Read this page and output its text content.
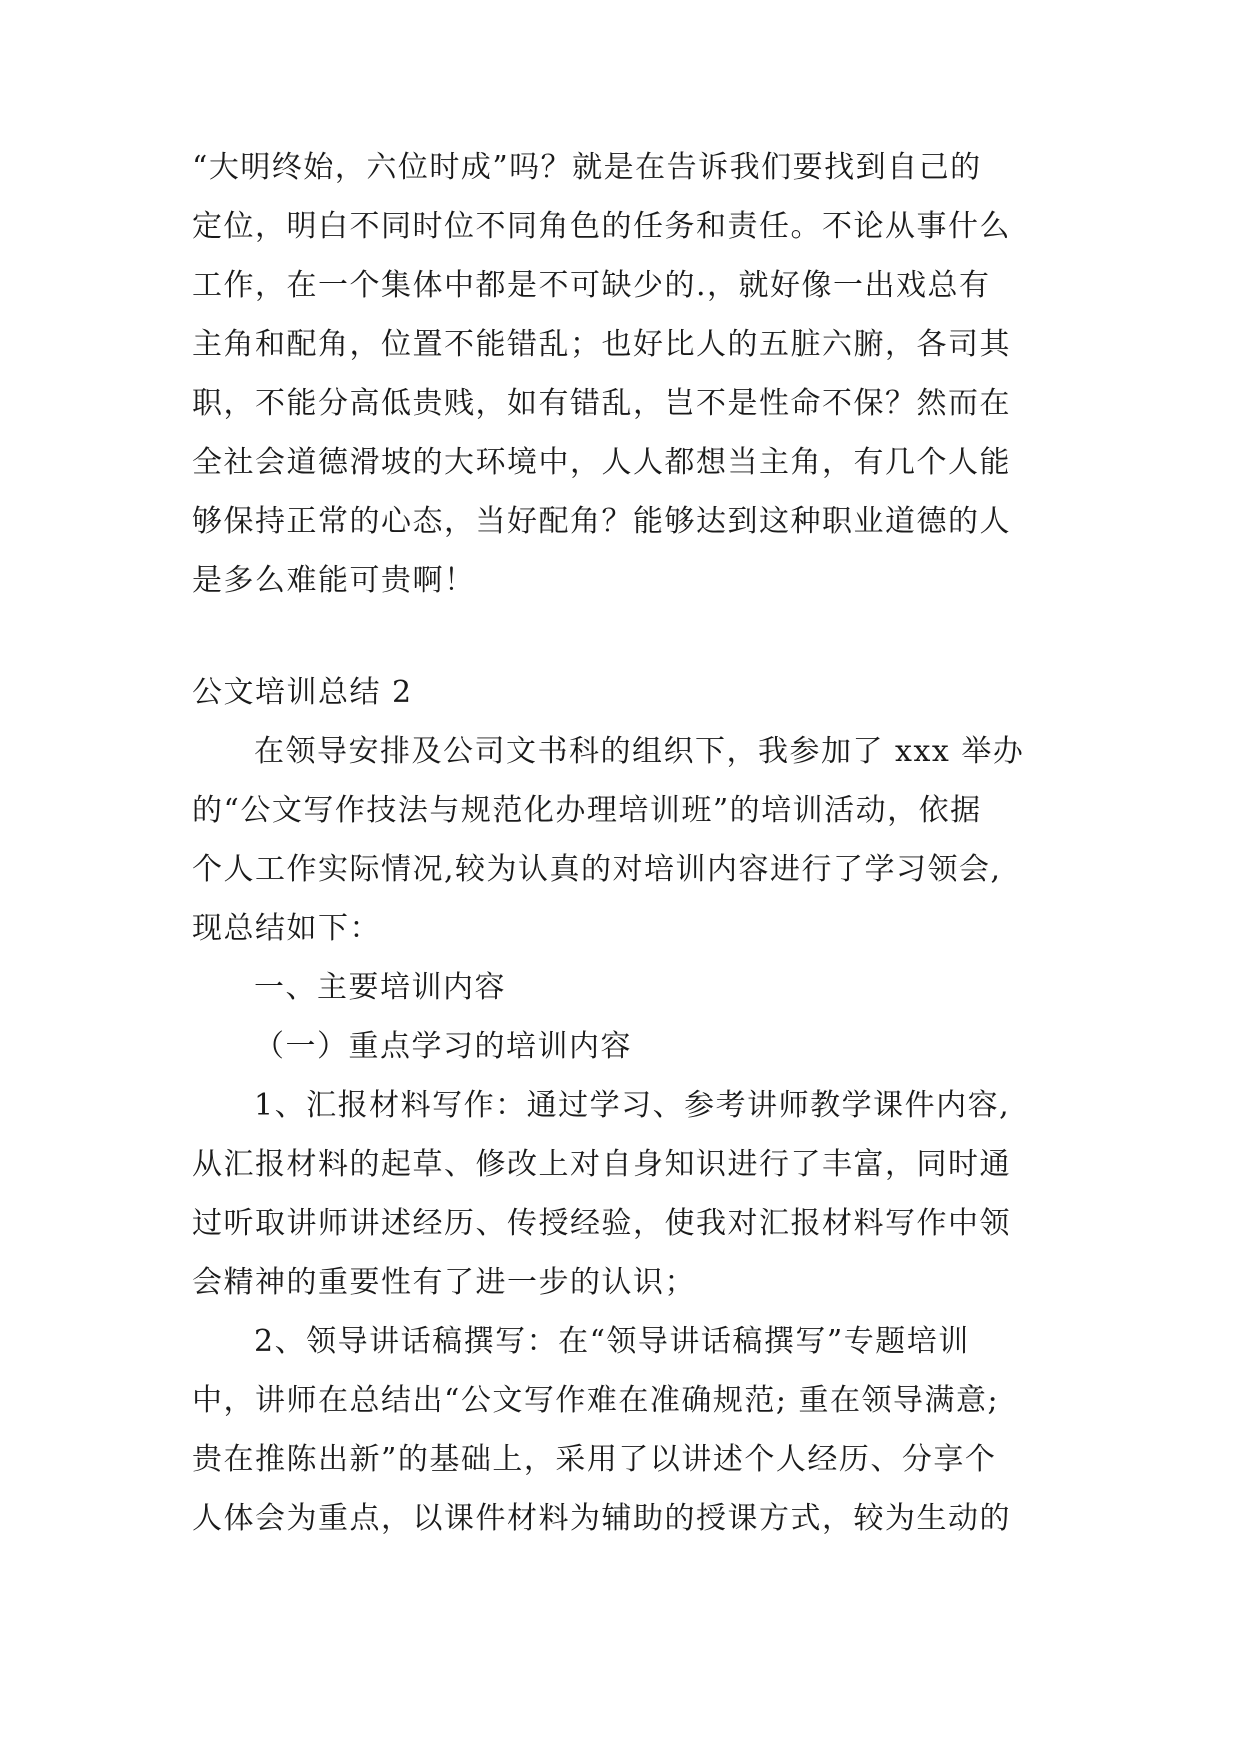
“大明终始，六位时成”吗？就是在告诉我们要找到自己的
定位，明白不同时位不同角色的任务和责任。不论从事什么
工作，在一个集体中都是不可缺少的.，就好像一出戏总有
主角和配角，位置不能错乱；也好比人的五脏六腑，各司其
职，不能分高低贵贱，如有错乱，岂不是性命不保？然而在
全社会道德滑坡的大环境中，人人都想当主角，有几个人能
够保持正常的心态，当好配角？能够达到这种职业道德的人
是多么难能可贵啊！
公文培训总结 2
在领导安排及公司文书科的组织下，我参加了 xxx 举办
的“公文写作技法与规范化办理培训班”的培训活动，依据
个人工作实际情况,较为认真的对培训内容进行了学习领会,
现总结如下：
一、主要培训内容
（一）重点学习的培训内容
1、汇报材料写作：通过学习、参考讲师教学课件内容,
从汇报材料的起草、修改上对自身知识进行了丰富，同时通
过听取讲师讲述经历、传授经验，使我对汇报材料写作中领
会精神的重要性有了进一步的认识；
2、领导讲话稿撰写：在“领导讲话稿撰写”专题培训
中，讲师在总结出“公文写作难在准确规范; 重在领导满意;
贵在推陈出新”的基础上，采用了以讲述个人经历、分享个
人体会为重点，以课件材料为辅助的授课方式，较为生动的
